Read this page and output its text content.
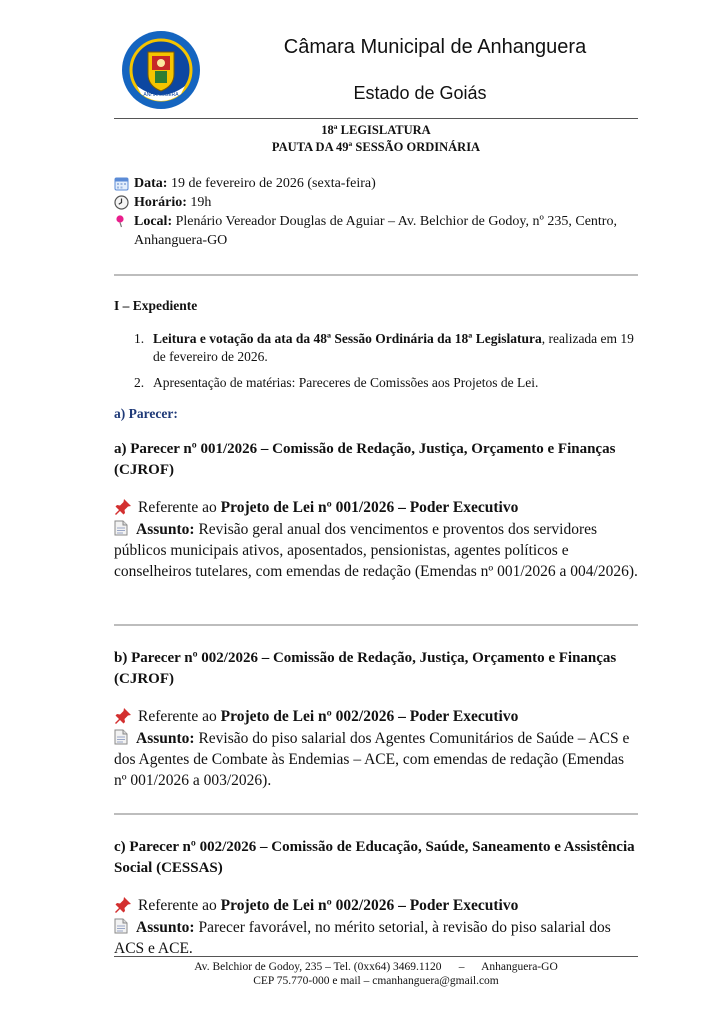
ANHANGUERA
Câmara Municipal de Anhanguera
Estado de Goiás
18ª LEGISLATURA
PAUTA DA 49ª SESSÃO ORDINÁRIA
Data: 19 de fevereiro de 2026 (sexta-feira)
Horário: 19h
Local: Plenário Vereador Douglas de Aguiar – Av. Belchior de Godoy, nº 235, Centro, Anhanguera-GO
I – Expediente
1. Leitura e votação da ata da 48ª Sessão Ordinária da 18ª Legislatura, realizada em 19 de fevereiro de 2026.
2. Apresentação de matérias: Pareceres de Comissões aos Projetos de Lei.
a) Parecer:
a) Parecer nº 001/2026 – Comissão de Redação, Justiça, Orçamento e Finanças (CJROF)
Referente ao Projeto de Lei nº 001/2026 – Poder Executivo
Assunto: Revisão geral anual dos vencimentos e proventos dos servidores públicos municipais ativos, aposentados, pensionistas, agentes políticos e conselheiros tutelares, com emendas de redação (Emendas nº 001/2026 a 004/2026).
b) Parecer nº 002/2026 – Comissão de Redação, Justiça, Orçamento e Finanças (CJROF)
Referente ao Projeto de Lei nº 002/2026 – Poder Executivo
Assunto: Revisão do piso salarial dos Agentes Comunitários de Saúde – ACS e dos Agentes de Combate às Endemias – ACE, com emendas de redação (Emendas nº 001/2026 a 003/2026).
c) Parecer nº 002/2026 – Comissão de Educação, Saúde, Saneamento e Assistência Social (CESSAS)
Referente ao Projeto de Lei nº 002/2026 – Poder Executivo
Assunto: Parecer favorável, no mérito setorial, à revisão do piso salarial dos ACS e ACE.
Av. Belchior de Godoy, 235 – Tel. (0xx64) 3469.1120      –      Anhanguera-GO
CEP 75.770-000 e mail – cmanhanguera@gmail.com
